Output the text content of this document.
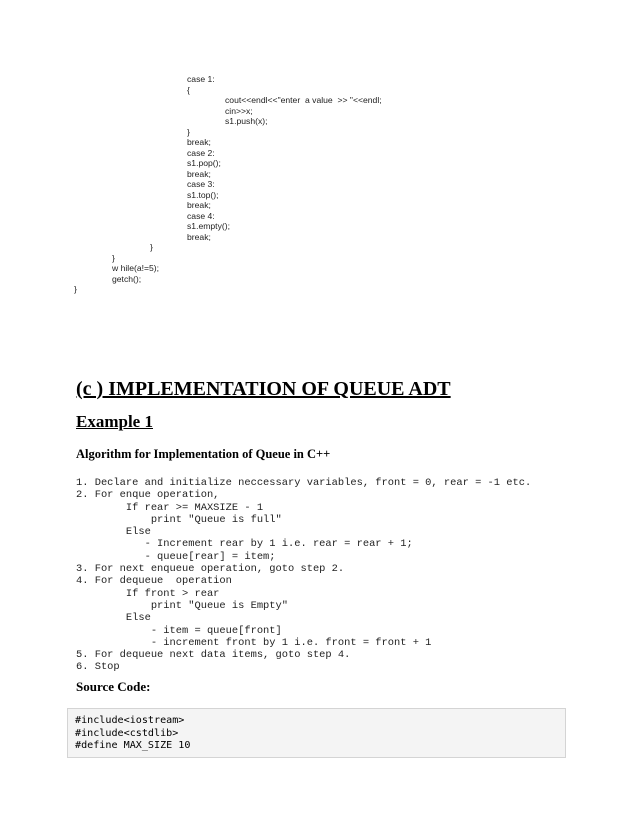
case 1:
{
cout<<endl<<"enter  a value  >> "<<endl;
cin>>x;
s1.push(x);
}
break;
case 2:
s1.pop();
break;
case 3:
s1.top();
break;
case 4:
s1.empty();
break;
}
}
w hile(a!=5);
getch();
}
(c ) IMPLEMENTATION OF QUEUE ADT
Example 1
Algorithm for Implementation of Queue in C++
1. Declare and initialize neccessary variables, front = 0, rear = -1 etc.
2. For enque operation,
If rear >= MAXSIZE - 1
print "Queue is full"
Else
- Increment rear by 1 i.e. rear = rear + 1;
- queue[rear] = item;
3. For next enqueue operation, goto step 2.
4. For dequeue  operation
If front > rear
print "Queue is Empty"
Else
- item = queue[front]
- increment front by 1 i.e. front = front + 1
5. For dequeue next data items, goto step 4.
6. Stop
Source Code:
#include<iostream>
#include<cstdlib>
#define MAX_SIZE 10
